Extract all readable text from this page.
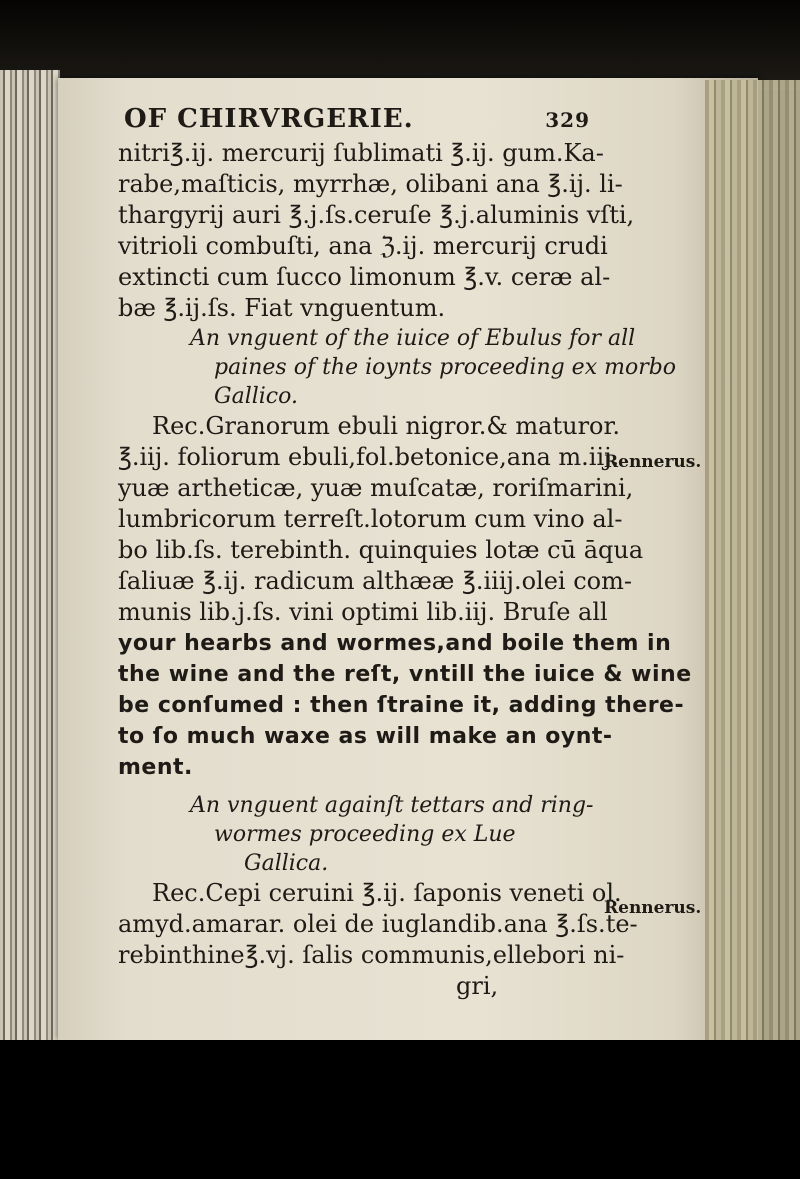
OF CHIRVRGERIE.	329
nitri℥.ij. mercurij ſublimati ℥.ij. gum.Ka-
rabe,maſticis, myrrhæ, olibani ana ℥.ij. li-
thargyrij auri ℥.j.ſs.ceruſe ℥.j.aluminis vſti,
vitrioli combuſti, ana ℨ.ij. mercurij crudi
extincti cum ſucco limonum ℥.v. ceræ al-
bæ ℥.ij.ſs. Fiat vnguentum.
An vnguent of the iuice of Ebulus for all
paines of the ioynts proceeding ex morbo
Gallico.
Rec.Granorum ebuli nigror.& maturor.
℥.iij. foliorum ebuli,fol.betonice,ana m.iij.
yuæ artheticæ, yuæ muſcatæ, roriſmarini,
lumbricorum terreſt.lotorum cum vino al-
bo lib.ſs. terebinth. quinquies lotæ cū āqua
ſaliuæ ℥.ij. radicum althææ ℥.iiij.olei com-
munis lib.j.ſs. vini optimi lib.iij. Bruſe all
your hearbs and wormes,and boile them in
the wine and the reſt, vntill the iuice & wine
be conſumed : then ſtraine it, adding there-
to ſo much waxe as will make an oynt-
ment.
An vnguent againſt tettars and ring-
wormes proceeding ex Lue
Gallica.
Rec.Cepi ceruini ℥.ij. ſaponis veneti ol.
amyd.amarar. olei de iuglandib.ana ℥.ſs.te-
rebinthine℥.vj. ſalis communis,ellebori ni-
gri,
Rennerus.
Rennerus.
